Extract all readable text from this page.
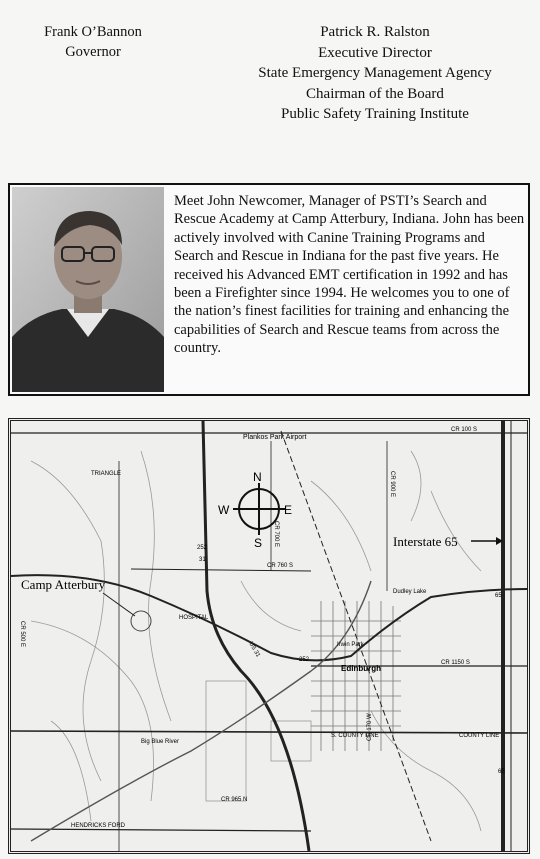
Frank O’Bannon
Governor
Patrick R. Ralston
Executive Director
State Emergency Management Agency
Chairman of the Board
Public Safety Training Institute

Meet John Newcomer, Manager of PSTI’s Search and Rescue Academy at Camp Atterbury, Indiana. John has been actively involved with Canine Training Programs and Search and Rescue in Indiana for the past five years. He received his Advanced EMT certification in 1992 and has been a Firefighter since 1994. He welcomes you to one of the nation’s finest facilities for training and enhancing the capabilities of Search and Rescue teams from across the country.

N
S
W	E
Plankos Park Airport
Interstate 65
Camp Atterbury
Edinburgh
Irwin Park
Dudley Lake
Big Blue River
S. COUNTY LINE	COUNTY LINE
TRIANGLE
HOSPITAL
HENDRICKS FORD
CR 100 S
CR 1150 S
CR 760 S
CR 965 N
252
31
252
65
65
CR 700 E
CR 500 E
CR 900 E
CR 170 W
US 31
